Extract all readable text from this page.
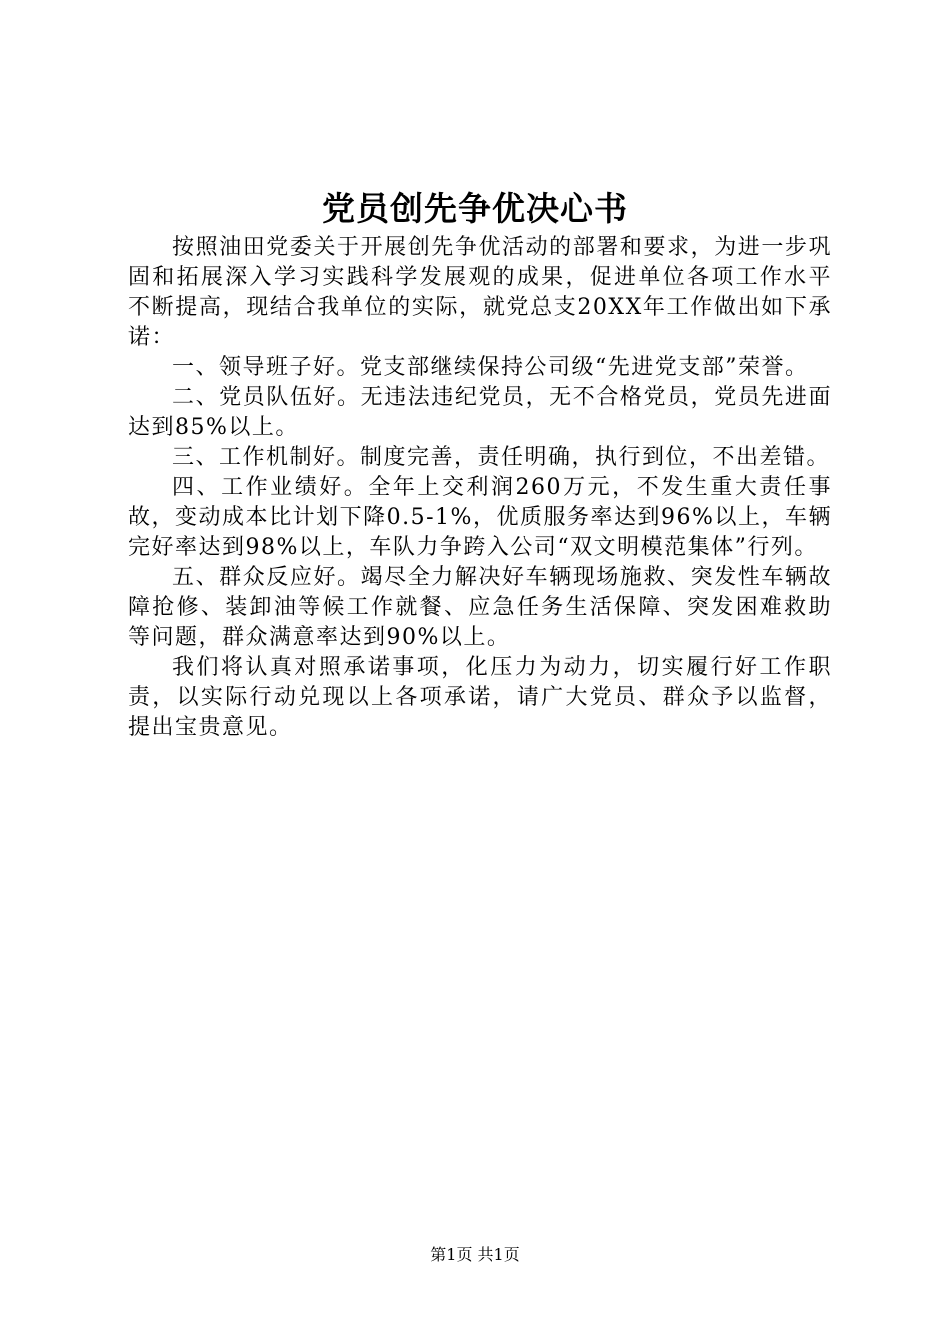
党员创先争优决心书

按照油田党委关于开展创先争优活动的部署和要求，为进一步巩固和拓展深入学习实践科学发展观的成果，促进单位各项工作水平不断提高，现结合我单位的实际，就党总支20XX年工作做出如下承诺：

一、领导班子好。党支部继续保持公司级“先进党支部”荣誉。

二、党员队伍好。无违法违纪党员，无不合格党员，党员先进面达到85%以上。

三、工作机制好。制度完善，责任明确，执行到位，不出差错。

四、工作业绩好。全年上交利润260万元，不发生重大责任事故，变动成本比计划下降0.5-1%，优质服务率达到96%以上，车辆完好率达到98%以上，车队力争跨入公司“双文明模范集体”行列。

五、群众反应好。竭尽全力解决好车辆现场施救、突发性车辆故障抢修、装卸油等候工作就餐、应急任务生活保障、突发困难救助等问题，群众满意率达到90%以上。

我们将认真对照承诺事项，化压力为动力，切实履行好工作职责，以实际行动兑现以上各项承诺，请广大党员、群众予以监督，提出宝贵意见。

第1页 共1页
